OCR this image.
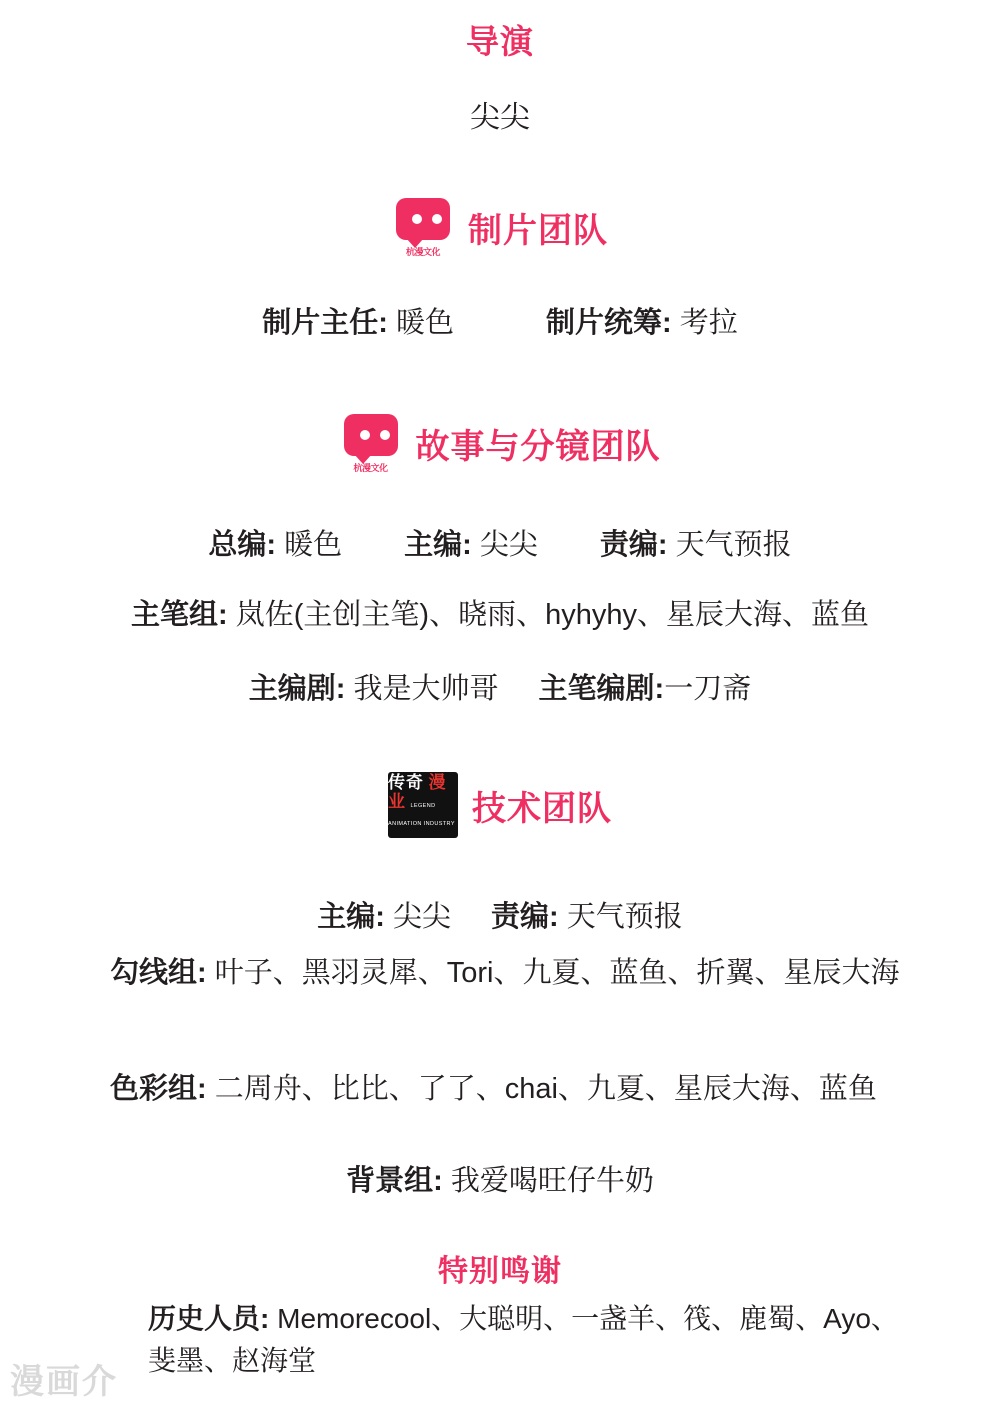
导演
尖尖
杭漫文化
制片团队
制片主任: 暖色	制片统筹: 考拉
杭漫文化
故事与分镜团队
总编: 暖色 主编: 尖尖 责编: 天气预报
主笔组: 岚佐(主创主笔)、晓雨、hyhyhy、星辰大海、蓝鱼
主编剧: 我是大帅哥 主笔编剧:一刀斋
传奇 漫业 LEGEND ANIMATION INDUSTRY 技术团队
主编: 尖尖 责编: 天气预报
勾线组: 叶子、黑羽灵犀、Tori、九夏、蓝鱼、折翼、星辰大海
色彩组: 二周舟、比比、了了、chai、九夏、星辰大海、蓝鱼
背景组: 我爱喝旺仔牛奶
特别鸣谢
历史人员: Memorecool、大聪明、一盏羊、筏、鹿蜀、Ayo、斐墨、赵海堂
漫画介
